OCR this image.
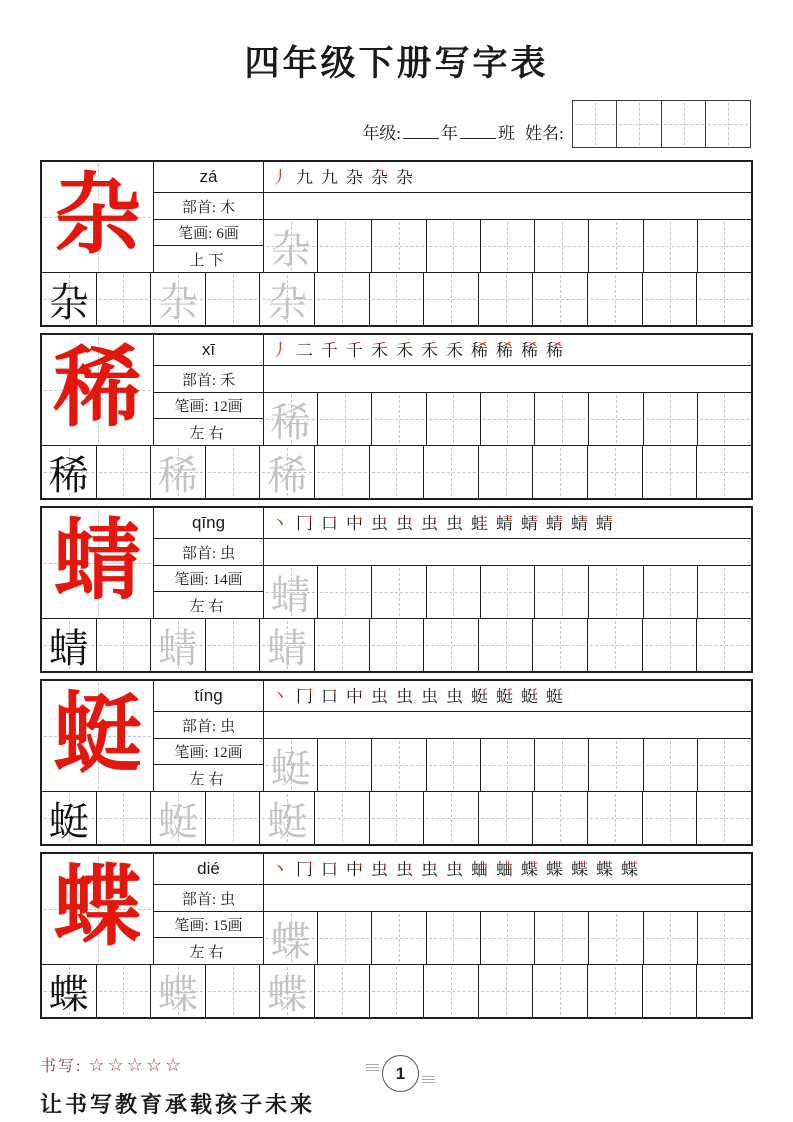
四年级下册写字表
年级: 年 班 姓名:
杂	zá
部首: 木
笔画: 6画
上下
丿 九 九 杂 杂 杂
杂
杂 杂 杂
稀	xī
部首: 禾
笔画: 12画
左右
丿 二 千 千 禾 禾 禾 禾 稀 稀 稀 稀
稀
稀 稀 稀
蜻	qīng
部首: 虫
笔画: 14画
左右
丶 冂 口 中 虫 虫 虫 虫 蛙 蜻 蜻 蜻 蜻 蜻
蜻
蜻 蜻 蜻
蜓	tíng
部首: 虫
笔画: 12画
左右
丶 冂 口 中 虫 虫 虫 虫 蜓 蜓 蜓 蜓
蜓
蜓 蜓 蜓
蝶	dié
部首: 虫
笔画: 15画
左右
丶 冂 口 中 虫 虫 虫 虫 蛐 蛐 蝶 蝶 蝶 蝶 蝶
蝶
蝶 蝶 蝶
书写: ☆☆☆☆☆	1
让书写教育承载孩子未来
